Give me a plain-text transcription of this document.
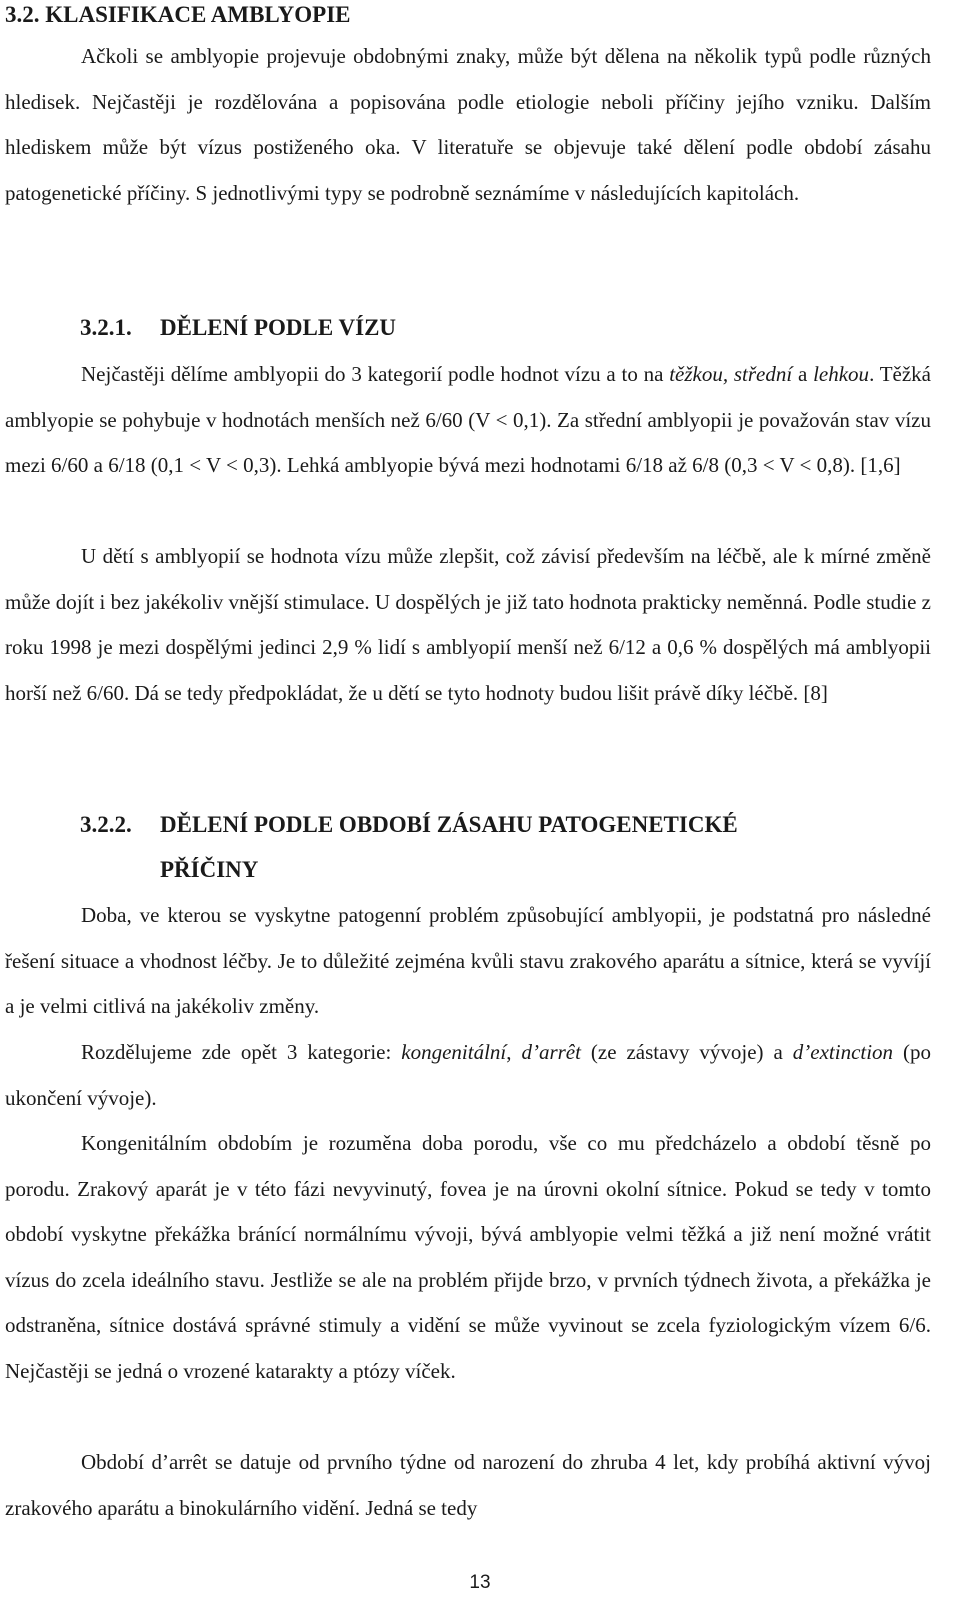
3.2. KLASIFIKACE AMBLYOPIE

Ačkoli se amblyopie projevuje obdobnými znaky, může být dělena na několik typů podle různých hledisek. Nejčastěji je rozdělována a popisována podle etiologie neboli příčiny jejího vzniku. Dalším hlediskem může být vízus postiženého oka. V literatuře se objevuje také dělení podle období zásahu patogenetické příčiny. S jednotlivými typy se podrobně seznámíme v následujících kapitolách.

3.2.1. DĚLENÍ PODLE VÍZU

Nejčastěji dělíme amblyopii do 3 kategorií podle hodnot vízu a to na těžkou, střední a lehkou. Těžká amblyopie se pohybuje v hodnotách menších než 6/60 (V < 0,1). Za střední amblyopii je považován stav vízu mezi 6/60 a 6/18 (0,1 < V < 0,3). Lehká amblyopie bývá mezi hodnotami 6/18 až 6/8 (0,3 < V < 0,8). [1,6]

U dětí s amblyopií se hodnota vízu může zlepšit, což závisí především na léčbě, ale k mírné změně může dojít i bez jakékoliv vnější stimulace. U dospělých je již tato hodnota prakticky neměnná. Podle studie z roku 1998 je mezi dospělými jedinci 2,9 % lidí s amblyopií menší než 6/12 a 0,6 % dospělých má amblyopii horší než 6/60. Dá se tedy předpokládat, že u dětí se tyto hodnoty budou lišit právě díky léčbě. [8]

3.2.2. DĚLENÍ PODLE OBDOBÍ ZÁSAHU PATOGENETICKÉ
PŘÍČINY

Doba, ve kterou se vyskytne patogenní problém způsobující amblyopii, je podstatná pro následné řešení situace a vhodnost léčby. Je to důležité zejména kvůli stavu zrakového aparátu a sítnice, která se vyvíjí a je velmi citlivá na jakékoliv změny.

Rozdělujeme zde opět 3 kategorie: kongenitální, d’arrêt (ze zástavy vývoje) a d’extinction (po ukončení vývoje).

Kongenitálním obdobím je rozuměna doba porodu, vše co mu předcházelo a období těsně po porodu. Zrakový aparát je v této fázi nevyvinutý, fovea je na úrovni okolní sítnice. Pokud se tedy v tomto období vyskytne překážka bránící normálnímu vývoji, bývá amblyopie velmi těžká a již není možné vrátit vízus do zcela ideálního stavu. Jestliže se ale na problém přijde brzo, v prvních týdnech života, a překážka je odstraněna, sítnice dostává správné stimuly a vidění se může vyvinout se zcela fyziologickým vízem 6/6. Nejčastěji se jedná o vrozené katarakty a ptózy víček.

Období d’arrêt se datuje od prvního týdne od narození do zhruba 4 let, kdy probíhá aktivní vývoj zrakového aparátu a binokulárního vidění. Jedná se tedy

13
